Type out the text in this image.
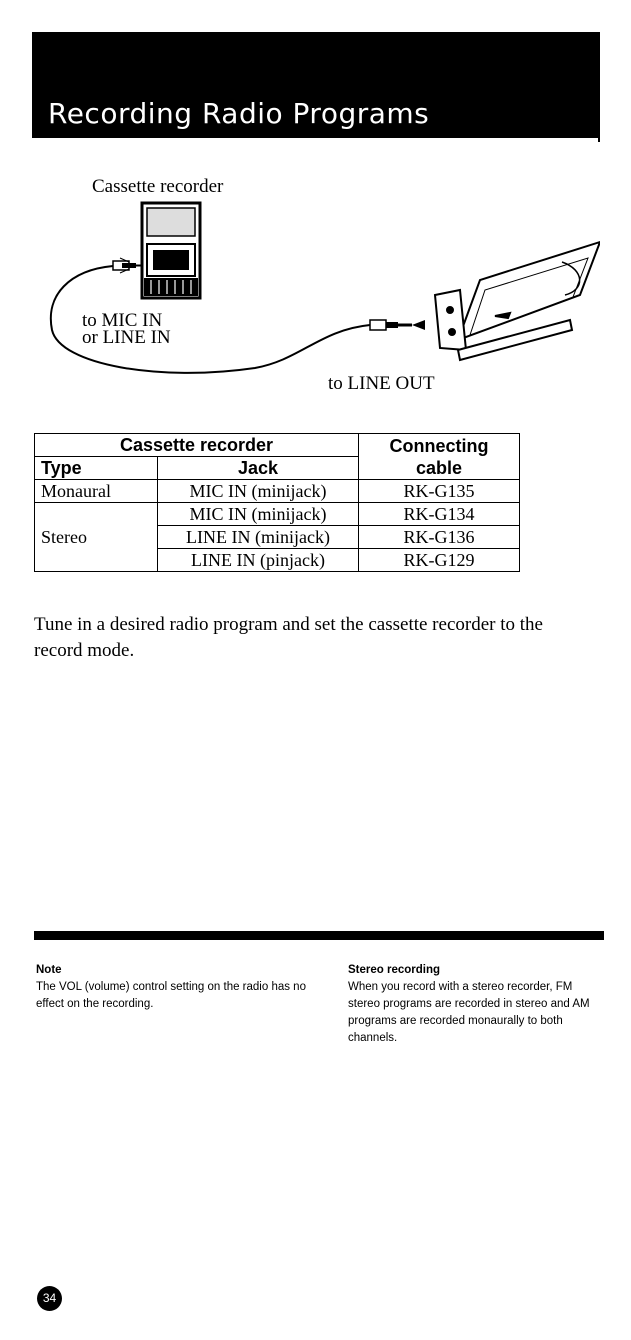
Recording Radio Programs
Cassette recorder
to MIC IN
or LINE IN
to LINE OUT
Cassette recorder		Connecting cable
Type	Jack	
Monaural	MIC IN (minijack)	RK-G135
Stereo	MIC IN (minijack)	RK-G134
	LINE IN (minijack)	RK-G136
	LINE IN (pinjack)	RK-G129

Tune in a desired radio program and set the cassette recorder to the record mode.

Note
The VOL (volume) control setting on the radio has no effect on the recording.
Stereo recording
When you record with a stereo recorder, FM stereo programs are recorded in stereo and AM programs are recorded monaurally to both channels.
34
